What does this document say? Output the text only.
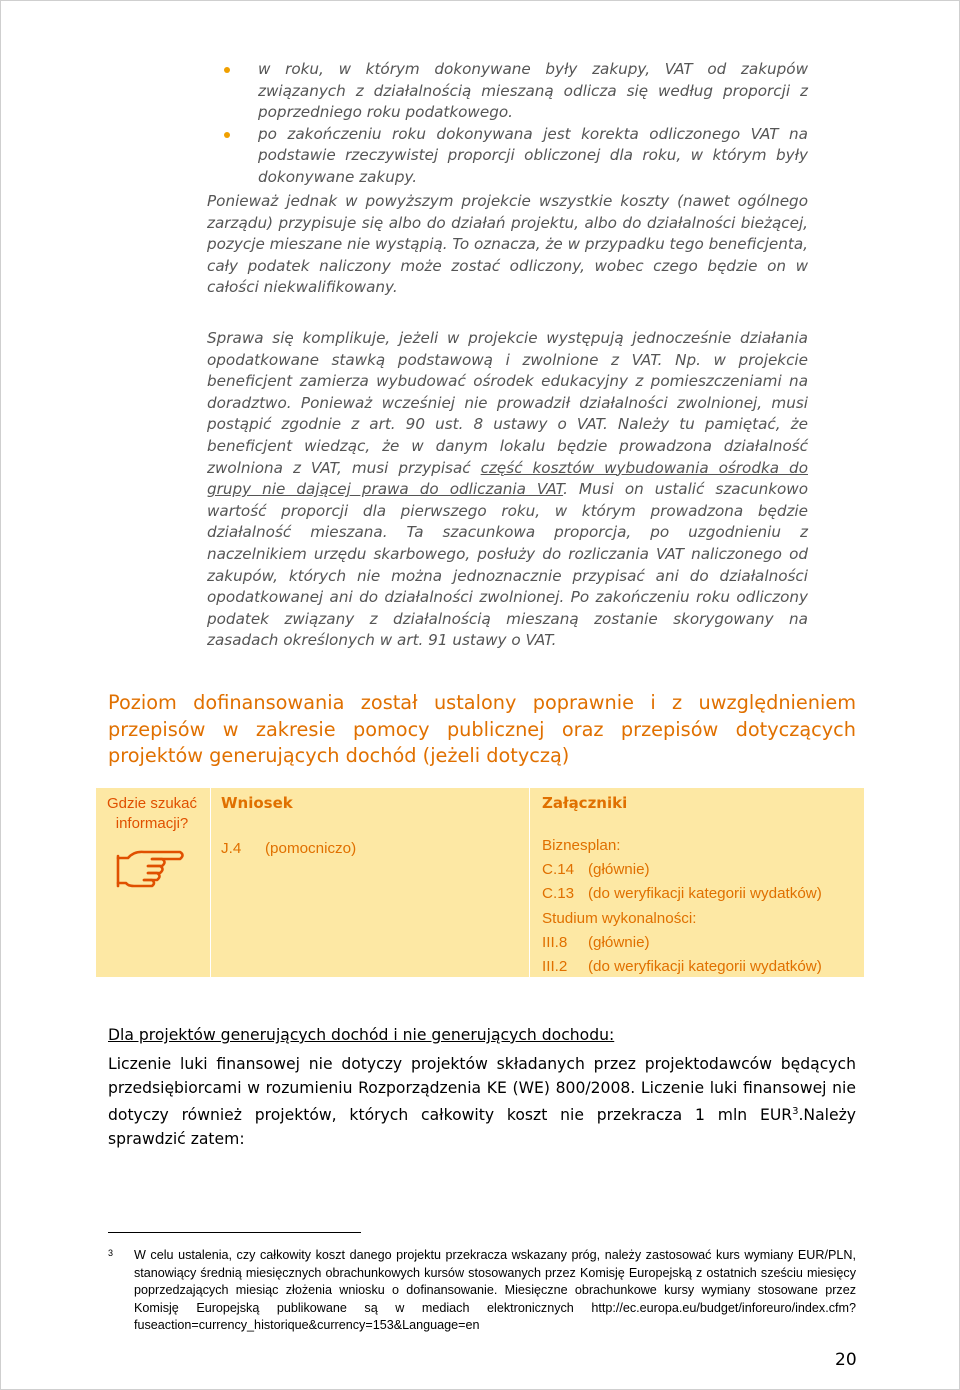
w roku, w którym dokonywane były zakupy, VAT od zakupów związanych z działalnością mieszaną odlicza się według proporcji z poprzedniego roku podatkowego.
po zakończeniu roku dokonywana jest korekta odliczonego VAT na podstawie rzeczywistej proporcji obliczonej dla roku, w którym były dokonywane zakupy.
Ponieważ jednak w powyższym projekcie wszystkie koszty (nawet ogólnego zarządu) przypisuje się albo do działań projektu, albo do działalności bieżącej, pozycje mieszane nie wystąpią. To oznacza, że w przypadku tego beneficjenta, cały podatek naliczony może zostać odliczony, wobec czego będzie on w całości niekwalifikowany.
Sprawa się komplikuje, jeżeli w projekcie występują jednocześnie działania opodatkowane stawką podstawową i zwolnione z VAT. Np. w projekcie beneficjent zamierza wybudować ośrodek edukacyjny z pomieszczeniami na doradztwo. Ponieważ wcześniej nie prowadził działalności zwolnionej, musi postąpić zgodnie z art. 90 ust. 8 ustawy o VAT. Należy tu pamiętać, że beneficjent wiedząc, że w danym lokalu będzie prowadzona działalność zwolniona z VAT, musi przypisać część kosztów wybudowania ośrodka do grupy nie dającej prawa do odliczania VAT. Musi on ustalić szacunkowo wartość proporcji dla pierwszego roku, w którym prowadzona będzie działalność mieszana. Ta szacunkowa proporcja, po uzgodnieniu z naczelnikiem urzędu skarbowego, posłuży do rozliczania VAT naliczonego od zakupów, których nie można jednoznacznie przypisać ani do działalności opodatkowanej ani do działalności zwolnionej. Po zakończeniu roku odliczony podatek związany z działalnością mieszaną zostanie skorygowany na zasadach określonych w art. 91 ustawy o VAT.
Poziom dofinansowania został ustalony poprawnie i z uwzględnieniem przepisów w zakresie pomocy publicznej oraz przepisów dotyczących projektów generujących dochód (jeżeli dotyczą)
Gdzie szukać informacji?
Wniosek
J.4 (pomocniczo)
Załączniki
Biznesplan:
C.14 (głównie)
C.13 (do weryfikacji kategorii wydatków)
Studium wykonalności:
III.8 (głównie)
III.2 (do weryfikacji kategorii wydatków)
Dla projektów generujących dochód i nie generujących dochodu:
Liczenie luki finansowej nie dotyczy projektów składanych przez projektodawców będących przedsiębiorcami w rozumieniu Rozporządzenia KE (WE) 800/2008. Liczenie luki finansowej nie dotyczy również projektów, których całkowity koszt nie przekracza 1 mln EUR$^3$.Należy sprawdzić zatem:
3 W celu ustalenia, czy całkowity koszt danego projektu przekracza wskazany próg, należy zastosować kurs wymiany EUR/PLN, stanowiący średnią miesięcznych obrachunkowych kursów stosowanych przez Komisję Europejską z ostatnich sześciu miesięcy poprzedzających miesiąc złożenia wniosku o dofinansowanie. Miesięczne obrachunkowe kursy wymiany stosowane przez Komisję Europejską publikowane są w mediach elektronicznych http://ec.europa.eu/budget/inforeuro/index.cfm?fuseaction=currency_historique&currency=153&Language=en
20
